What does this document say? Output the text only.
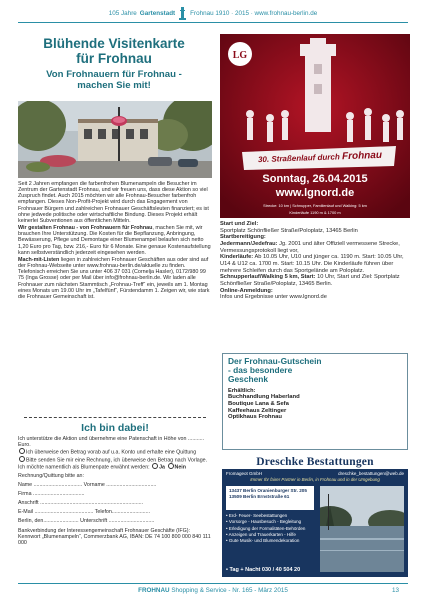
105 Jahre Gartenstadt Frohnau 1910 · 2015 · www.frohnau-berlin.de
Blühende Visitenkarte
für Frohnau
Von Frohnauern für Frohnau -
machen Sie mit!

Seit 2 Jahren empfangen die farbenfrohen Blumenampeln die Besucher im Zentrum der Gartenstadt Frohnau, und wir freuen uns, dass diese Aktion so viel Zuspruch findet. Auch 2015 möchten wir alle Frohnau-Besucher farbenfroh empfangen. Dieses Non-Profit-Projekt wird durch das Engagement von Frohnauer Bürgern und zahlreichen Frohnauer Geschäftsleuten finanziert; es ist ohne jedwede politische oder wirtschaftliche Bindung. Dieses Projekt erhält keinerlei Subventionen aus öffentlichen Mitteln.

Wir gestalten Frohnau - von Frohnauern für Frohnau, machen Sie mit, wir brauchen Ihre Unterstützung. Die Kosten für die Bepflanzung, Anbringung, Bewässerung, Pflege und Demontage einer Blumenampel belaufen sich netto 1,20 Euro pro Tag, bzw. 216,- Euro für 6 Monate. Eine genaue Kostenaufstellung kann selbstverständlich jederzeit eingesehen werden.

Mach-mit-Listen liegen in zahlreichen Frohnauer Geschäften aus oder sind auf der Frohnau-Webseite unter www.frohnau-berlin.de/aktuelle zu finden. Telefonisch erreichen Sie uns unter 406 37 031 (Cornelja Hasler), 0172/980 99 75 (Inga Grosse) oder per Mail über info@frohnau-berlin.de. Wir laden alle Frohnauer zum nächsten Stammtisch „Frohnau-Treff“ ein, jeweils am 1. Montag eines Monats um 19.00 Uhr im „Tafelfünf“, Fürstendamm 1. Zeigen wir, wie stark die Frohnauer Gemeinschaft ist.

Ich bin dabei!

Ich unterstütze die Aktion und übernehme eine Patenschaft in Höhe von ........... Euro.

Ich überweise den Betrag vorab auf u.a. Konto und erhalte eine Quittung

Bitte senden Sie mir eine Rechnung, ich überweise den Betrag nach Vorlage. Ich möchte namentlich als Blumenpate erwähnt werden: Ja Nein

Rechnung/Quittung bitte an:

Name ................................. Vorname ..................................

Firma ...................................

Anschrift ......................................................................

E-Mail ........................................ Telefon..........................

Berlin, den........................ Unterschrift ...............................

Bankverbindung der Interessengemeinschaft Frohnauer Geschäfte (IFG): Kennwort „Blumenampeln“, Commerzbank AG, IBAN: DE 74 100 800 000 840 111 000

LG
30. Straßenlauf durch Frohnau
Sonntag, 26.04.2015
www.lgnord.de
Strecke: 10 km | Schnupper, Familienlauf und Walking: 5 km
Kinderläufe 1190 m & 1700 m

Start und Ziel:
Sportplatz Schönfließer Straße/Poloplatz, 13465 Berlin

Startbereitigung:

Jedermann/Jedefrau: Jg. 2001 und älter Offiziell vermessene Strecke, Vermessungsprotokoll liegt vor,

Kinderläufe: Ab 10.05 Uhr, U10 und jünger ca. 1190 m. Start: 10.05 Uhr, U14 & U12 ca. 1700 m. Start: 10.15 Uhr. Die Kinderläufe führen über mehrere Schleifen durch das Sportgelände am Poloplatz.

Schnupperlauf/Walking 5 km, Start: 10 Uhr, Start und Ziel: Sportplatz Schönfließer Straße/Poloplatz, 13465 Berlin.

Online-Anmeldung:
Infos und Ergebnisse unter www.lgnord.de

Der Frohnau-Gutschein
- das besondere
Geschenk
Erhältlich:
Buchhandlung Haberland
Boutique Lana & Sefa
Kaffeehaus Zeltinger
Optikhaus Frohnau
Dreschke Bestattungen
Fromageot GmbH	dreschke_bestattungen@web.de
Immer Ihr fairer Partner in Berlin, in Frohnau und in der Umgebung
13437 Berlin Oranienburger Str. 205
13509 Berlin Ernststraße 61

• Erd- Feuer- Seebestattungen

• Vorsorge - Hausbesuch - Begleitung

• Erledigung der Formalitäten-Behörden

• Anzeigen und Trauerkarten - Hilfe

• Gute Musik- und Blumendekoration

• Tag + Nacht 030 / 40 504 20
FROHNAU Shopping & Service - Nr. 165 - März 2015	13
